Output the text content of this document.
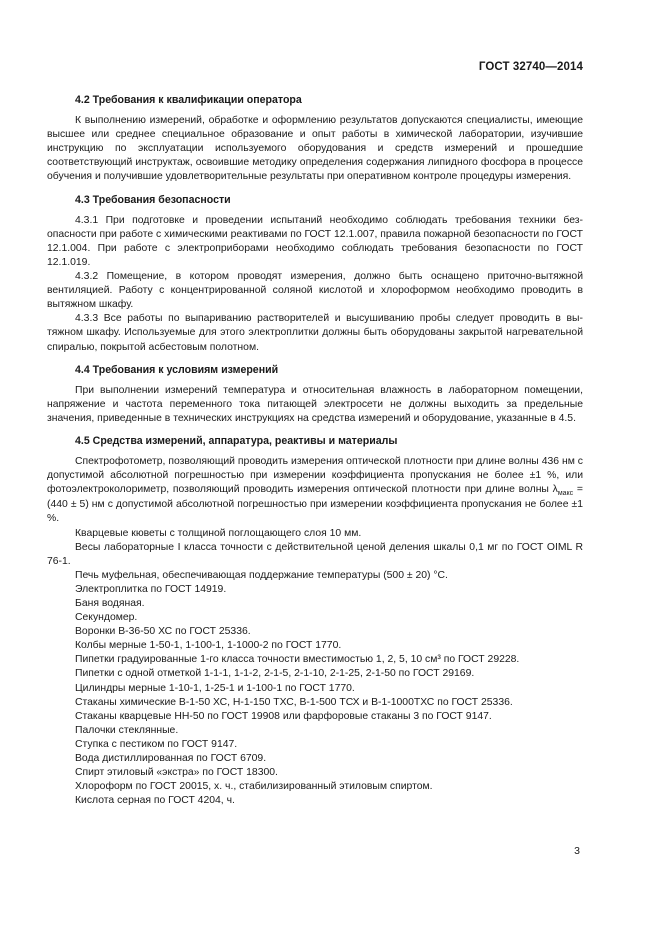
ГОСТ 32740—2014
4.2 Требования к квалификации оператора

К выполнению измерений, обработке и оформлению результатов допускаются специалисты, имеющие высшее или среднее специальное образование и опыт работы в химической лаборатории, изучившие инструкцию по эксплуатации используемого оборудования и средств измерений и прошедшие соответствующий инструктаж, освоившие методику определения содержания липидного фосфора в процессе обучения и получившие удовлетворительные результаты при оперативном контроле процедуры измерения.

4.3 Требования безопасности

4.3.1 При подготовке и проведении испытаний необходимо соблюдать требования техники безопасности при работе с химическими реактивами по ГОСТ 12.1.007, правила пожарной безопасности по ГОСТ 12.1.004. При работе с электроприборами необходимо соблюдать требования безопасности по ГОСТ 12.1.019.

4.3.2 Помещение, в котором проводят измерения, должно быть оснащено приточно-вытяжной вентиляцией. Работу с концентрированной соляной кислотой и хлороформом необходимо проводить в вытяжном шкафу.

4.3.3 Все работы по выпариванию растворителей и высушиванию пробы следует проводить в вытяжном шкафу. Используемые для этого электроплитки должны быть оборудованы закрытой нагревательной спиралью, покрытой асбестовым полотном.

4.4 Требования к условиям измерений

При выполнении измерений температура и относительная влажность в лабораторном помещении, напряжение и частота переменного тока питающей электросети не должны выходить за предельные значения, приведенные в технических инструкциях на средства измерений и оборудование, указанные в 4.5.

4.5 Средства измерений, аппаратура, реактивы и материалы

Спектрофотометр, позволяющий проводить измерения оптической плотности при длине волны 436 нм с допустимой абсолютной погрешностью при измерении коэффициента пропускания не более ±1 %, или фотоэлектроколориметр, позволяющий проводить измерения оптической плотности при длине волны $\lambda_{макс} = (440 \pm 5)$ нм с допустимой абсолютной погрешностью при измерении коэффициента пропускания не более ±1 %.

Кварцевые кюветы с толщиной поглощающего слоя 10 мм.

Весы лабораторные I класса точности с действительной ценой деления шкалы 0,1 мг по ГОСТ OIML R 76-1.

Печь муфельная, обеспечивающая поддержание температуры (500 ± 20) °С.

Электроплитка по ГОСТ 14919.

Баня водяная.

Секундомер.

Воронки В-36-50 ХС по ГОСТ 25336.

Колбы мерные 1-50-1, 1-100-1, 1-1000-2 по ГОСТ 1770.

Пипетки градуированные 1-го класса точности вместимостью 1, 2, 5, 10 см³ по ГОСТ 29228.

Пипетки с одной отметкой 1-1-1, 1-1-2, 2-1-5, 2-1-10, 2-1-25, 2-1-50 по ГОСТ 29169.

Цилиндры мерные 1-10-1, 1-25-1 и 1-100-1 по ГОСТ 1770.

Стаканы химические В-1-50 ХС, Н-1-150 ТХС, В-1-500 ТСХ и В-1-1000ТХС по ГОСТ 25336.

Стаканы кварцевые НН-50 по ГОСТ 19908 или фарфоровые стаканы 3 по ГОСТ 9147.

Палочки стеклянные.

Ступка с пестиком по ГОСТ 9147.

Вода дистиллированная по ГОСТ 6709.

Спирт этиловый «экстра» по ГОСТ 18300.

Хлороформ по ГОСТ 20015, х. ч., стабилизированный этиловым спиртом.

Кислота серная по ГОСТ 4204, ч.

3
